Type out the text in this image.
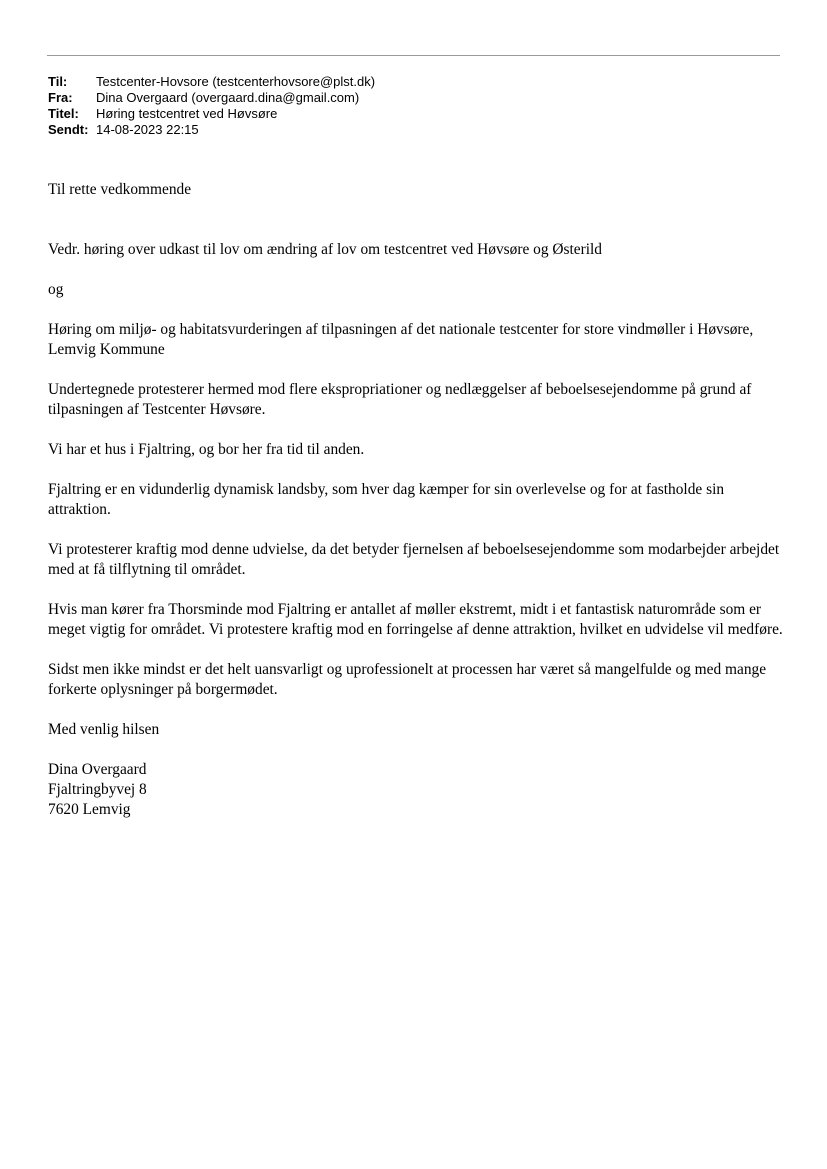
Til:	Testcenter-Hovsore (testcenterhovsore@plst.dk)
Fra:	Dina Overgaard (overgaard.dina@gmail.com)
Titel:	Høring testcentret ved Høvsøre
Sendt: 14-08-2023 22:15

Til rette vedkommende

Vedr. høring over udkast til lov om ændring af lov om testcentret ved Høvsøre og Østerild

og

Høring om miljø- og habitatsvurderingen af tilpasningen af det nationale testcenter for store vindmøller i Høvsøre, Lemvig Kommune

Undertegnede protesterer hermed mod flere ekspropriationer og nedlæggelser af beboelsesejendomme på grund af tilpasningen af Testcenter Høvsøre.

Vi har et hus i Fjaltring, og bor her fra tid til anden.

Fjaltring er en vidunderlig dynamisk landsby, som hver dag kæmper for sin overlevelse og for at fastholde sin attraktion.

Vi protesterer kraftig mod denne udvielse, da det betyder fjernelsen af beboelsesejendomme som modarbejder arbejdet med at få tilflytning til området.

Hvis man kører fra Thorsminde mod Fjaltring er antallet af møller ekstremt, midt i et fantastisk naturområde som er meget vigtig for området. Vi protestere kraftig mod en forringelse af denne attraktion, hvilket en udvidelse vil medføre.

Sidst men ikke mindst er det helt uansvarligt og uprofessionelt at processen har været så mangelfulde og med mange forkerte oplysninger på borgermødet.

Med venlig hilsen

Dina Overgaard
Fjaltringbyvej 8
7620 Lemvig
